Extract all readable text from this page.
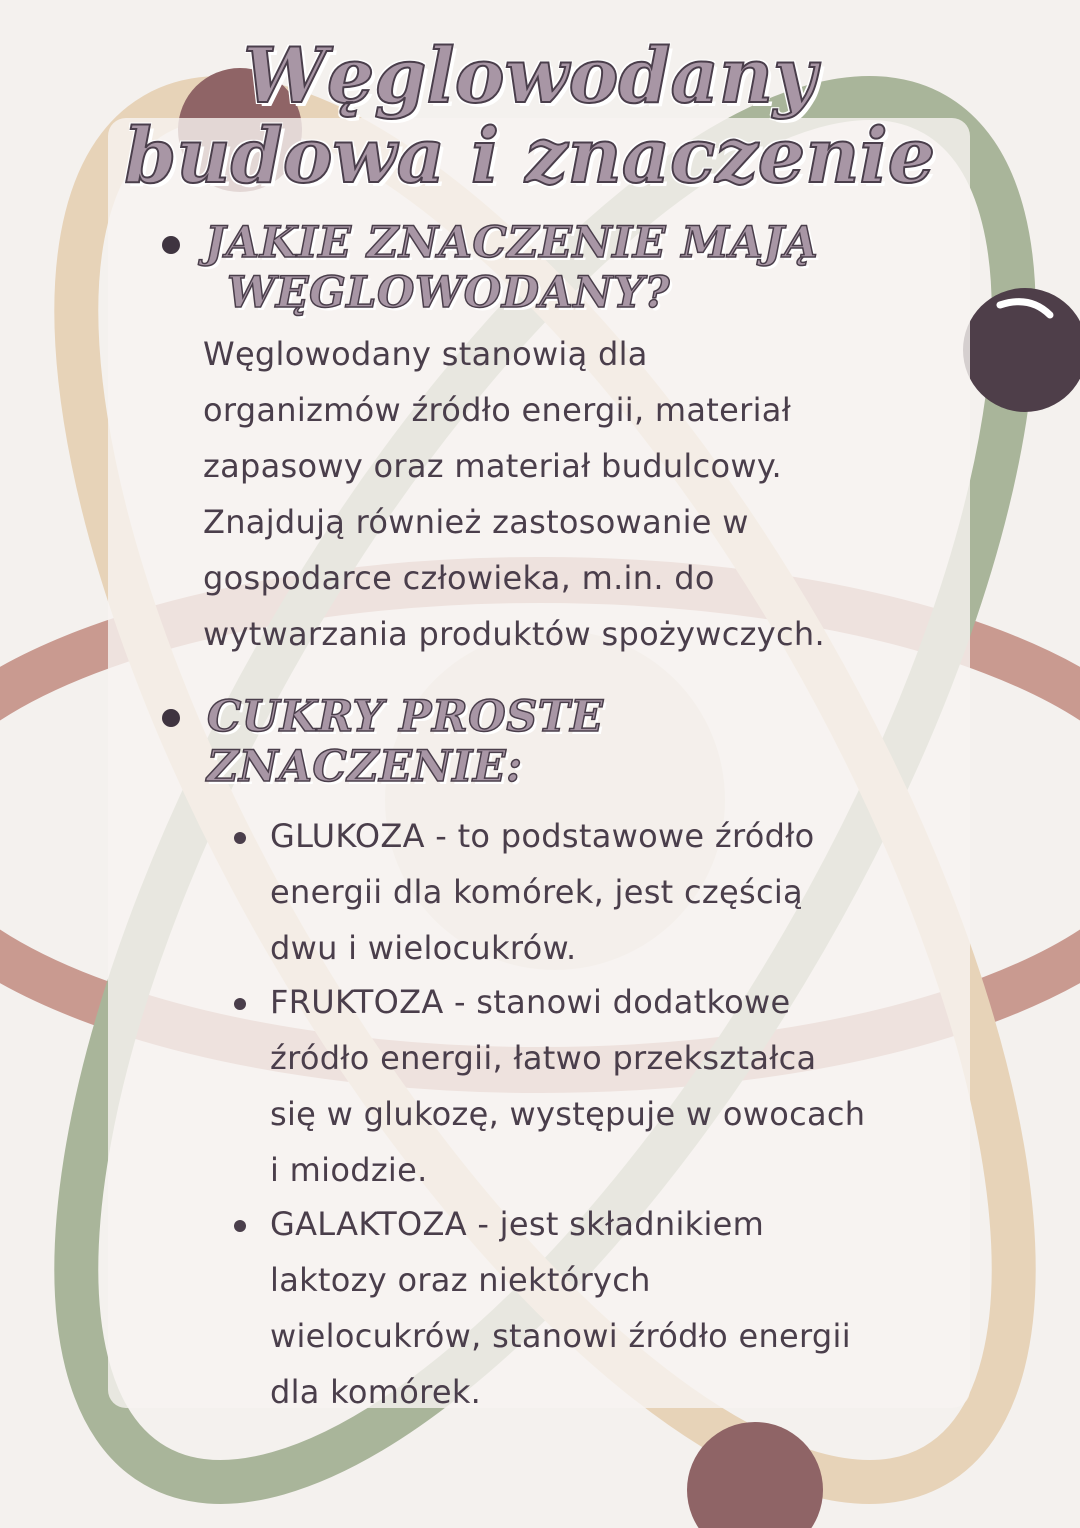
Węglowodany
budowa i znaczenie
JAKIE ZNACZENIE MAJĄ
WĘGLOWODANY?
Węglowodany stanowią dla
organizmów źródło energii, materiał
zapasowy oraz materiał budulcowy.
Znajdują również zastosowanie w
gospodarce człowieka, m.in. do
wytwarzania produktów spożywczych.
CUKRY PROSTE
ZNACZENIE:
GLUKOZA - to podstawowe źródło
energii dla komórek, jest częścią
dwu i wielocukrów.
FRUKTOZA - stanowi dodatkowe
źródło energii, łatwo przekształca
się w glukozę, występuje w owocach
i miodzie.
GALAKTOZA - jest składnikiem
laktozy oraz niektórych
wielocukrów, stanowi źródło energii
dla komórek.
